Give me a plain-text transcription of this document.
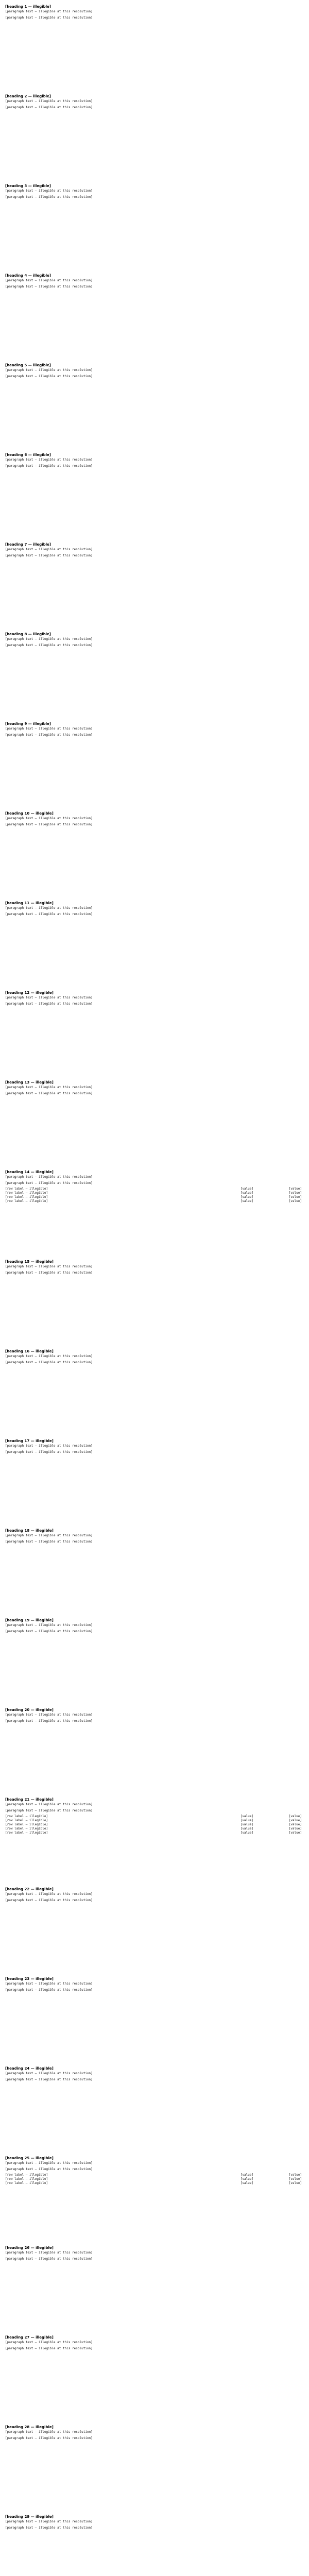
[heading 1 — illegible]

[paragraph text — illegible at this resolution]

[paragraph text — illegible at this resolution]

[heading 2 — illegible]

[paragraph text — illegible at this resolution]

[paragraph text — illegible at this resolution]

[heading 3 — illegible]

[paragraph text — illegible at this resolution]

[paragraph text — illegible at this resolution]

[heading 4 — illegible]

[paragraph text — illegible at this resolution]

[paragraph text — illegible at this resolution]

[heading 5 — illegible]

[paragraph text — illegible at this resolution]

[paragraph text — illegible at this resolution]

[heading 6 — illegible]

[paragraph text — illegible at this resolution]

[paragraph text — illegible at this resolution]

[heading 7 — illegible]

[paragraph text — illegible at this resolution]

[paragraph text — illegible at this resolution]

[heading 8 — illegible]

[paragraph text — illegible at this resolution]

[paragraph text — illegible at this resolution]

[heading 9 — illegible]

[paragraph text — illegible at this resolution]

[paragraph text — illegible at this resolution]

[heading 10 — illegible]

[paragraph text — illegible at this resolution]

[paragraph text — illegible at this resolution]

[heading 11 — illegible]

[paragraph text — illegible at this resolution]

[paragraph text — illegible at this resolution]

[heading 12 — illegible]

[paragraph text — illegible at this resolution]

[paragraph text — illegible at this resolution]

[heading 13 — illegible]

[paragraph text — illegible at this resolution]

[paragraph text — illegible at this resolution]

[heading 14 — illegible]

[paragraph text — illegible at this resolution]

[paragraph text — illegible at this resolution]

[row label — illegible]	[value]	[value]
[row label — illegible]	[value]	[value]
[row label — illegible]	[value]	[value]
[row label — illegible]	[value]	[value]
[heading 15 — illegible]

[paragraph text — illegible at this resolution]

[paragraph text — illegible at this resolution]

[heading 16 — illegible]

[paragraph text — illegible at this resolution]

[paragraph text — illegible at this resolution]

[heading 17 — illegible]

[paragraph text — illegible at this resolution]

[paragraph text — illegible at this resolution]

[heading 18 — illegible]

[paragraph text — illegible at this resolution]

[paragraph text — illegible at this resolution]

[heading 19 — illegible]

[paragraph text — illegible at this resolution]

[paragraph text — illegible at this resolution]

[heading 20 — illegible]

[paragraph text — illegible at this resolution]

[paragraph text — illegible at this resolution]

[heading 21 — illegible]

[paragraph text — illegible at this resolution]

[paragraph text — illegible at this resolution]

[row label — illegible]	[value]	[value]
[row label — illegible]	[value]	[value]
[row label — illegible]	[value]	[value]
[row label — illegible]	[value]	[value]
[row label — illegible]	[value]	[value]
[heading 22 — illegible]

[paragraph text — illegible at this resolution]

[paragraph text — illegible at this resolution]

[heading 23 — illegible]

[paragraph text — illegible at this resolution]

[paragraph text — illegible at this resolution]

[heading 24 — illegible]

[paragraph text — illegible at this resolution]

[paragraph text — illegible at this resolution]

[heading 25 — illegible]

[paragraph text — illegible at this resolution]

[paragraph text — illegible at this resolution]

[row label — illegible]	[value]	[value]
[row label — illegible]	[value]	[value]
[row label — illegible]	[value]	[value]
[heading 26 — illegible]

[paragraph text — illegible at this resolution]

[paragraph text — illegible at this resolution]

[heading 27 — illegible]

[paragraph text — illegible at this resolution]

[paragraph text — illegible at this resolution]

[heading 28 — illegible]

[paragraph text — illegible at this resolution]

[paragraph text — illegible at this resolution]

[heading 29 — illegible]

[paragraph text — illegible at this resolution]

[paragraph text — illegible at this resolution]
